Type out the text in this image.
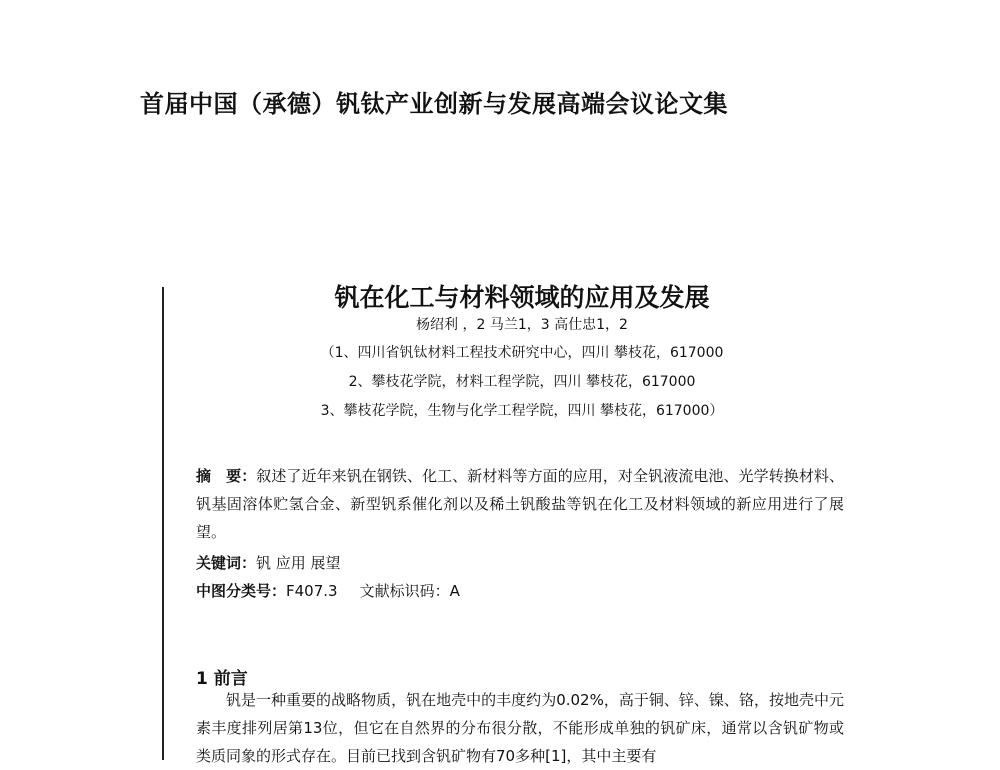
首届中国（承德）钒钛产业创新与发展高端会议论文集
钒在化工与材料领域的应用及发展
杨绍利 ，2 马兰1，3 高仕忠1，2
（1、四川省钒钛材料工程技术研究中心，四川 攀枝花，617000
2、攀枝花学院，材料工程学院，四川 攀枝花，617000
3、攀枝花学院，生物与化学工程学院，四川 攀枝花，617000）
摘　要：叙述了近年来钒在钢铁、化工、新材料等方面的应用，对全钒液流电池、光学转换材料、钒基固溶体贮氢合金、新型钒系催化剂以及稀土钒酸盐等钒在化工及材料领域的新应用进行了展望。
关键词：钒 应用 展望
中图分类号：F407.3 文献标识码：A
1 前言
钒是一种重要的战略物质，钒在地壳中的丰度约为0.02%，高于铜、锌、镍、铬，按地壳中元素丰度排列居第13位，但它在自然界的分布很分散，不能形成单独的钒矿床，通常以含钒矿物或类质同象的形式存在。目前已找到含钒矿物有70多种[1]，其中主要有
